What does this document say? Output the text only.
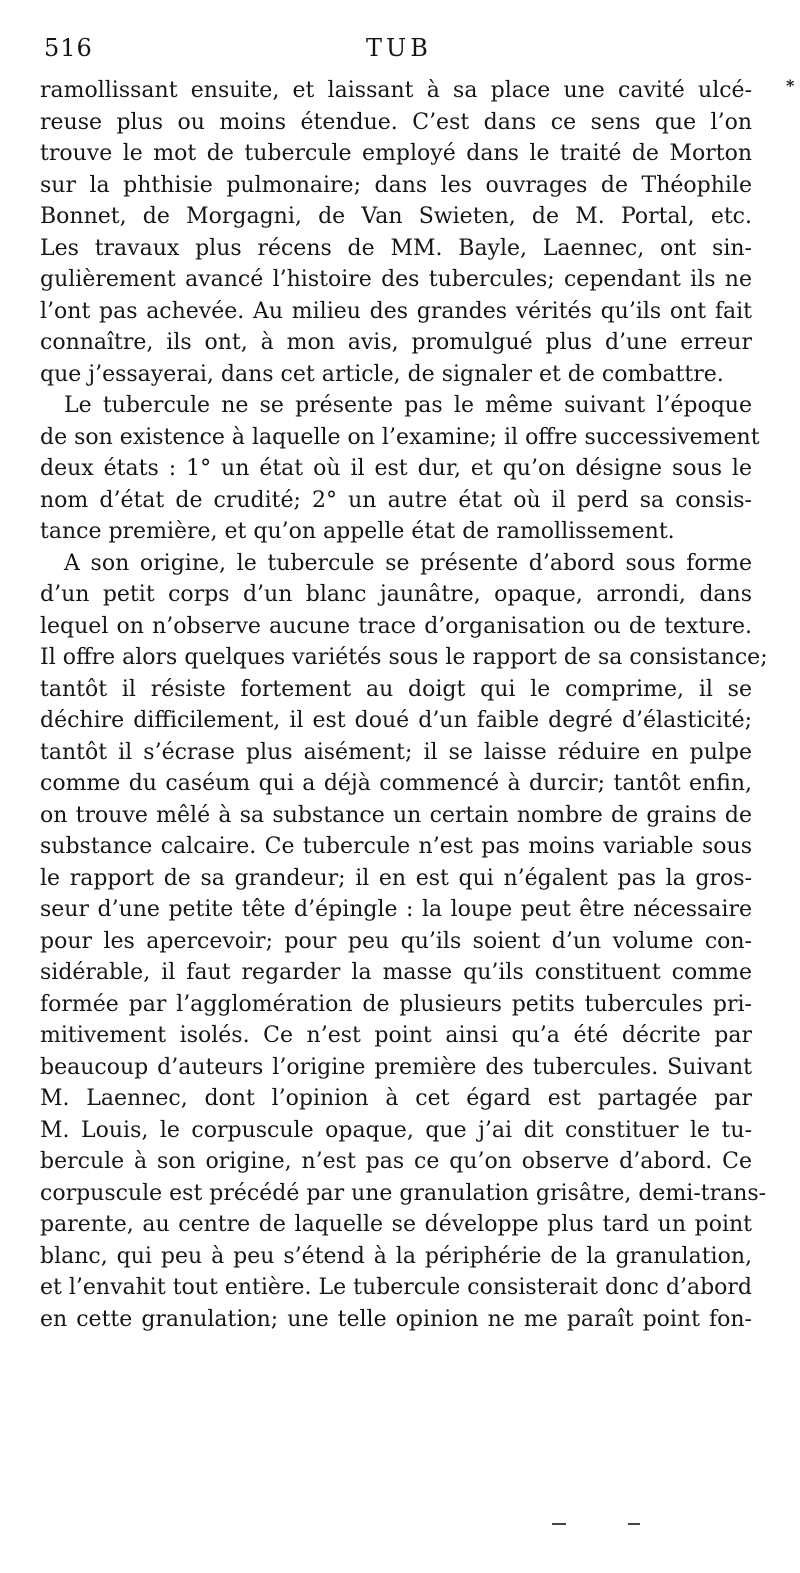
516	TUB
*
ramollissant ensuite, et laissant à sa place une cavité ulcé-
reuse plus ou moins étendue. C’est dans ce sens que l’on
trouve le mot de tubercule employé dans le traité de Morton
sur la phthisie pulmonaire; dans les ouvrages de Théophile
Bonnet, de Morgagni, de Van Swieten, de M. Portal, etc.
Les travaux plus récens de MM. Bayle, Laennec, ont sin-
gulièrement avancé l’histoire des tubercules; cependant ils ne
l’ont pas achevée. Au milieu des grandes vérités qu’ils ont fait
connaître, ils ont, à mon avis, promulgué plus d’une erreur
que j’essayerai, dans cet article, de signaler et de combattre.
Le tubercule ne se présente pas le même suivant l’époque
de son existence à laquelle on l’examine; il offre successivement
deux états : 1° un état où il est dur, et qu’on désigne sous le
nom d’état de crudité; 2° un autre état où il perd sa consis-
tance première, et qu’on appelle état de ramollissement.
A son origine, le tubercule se présente d’abord sous forme
d’un petit corps d’un blanc jaunâtre, opaque, arrondi, dans
lequel on n’observe aucune trace d’organisation ou de texture.
Il offre alors quelques variétés sous le rapport de sa consistance;
tantôt il résiste fortement au doigt qui le comprime, il se
déchire difficilement, il est doué d’un faible degré d’élasticité;
tantôt il s’écrase plus aisément; il se laisse réduire en pulpe
comme du caséum qui a déjà commencé à durcir; tantôt enfin,
on trouve mêlé à sa substance un certain nombre de grains de
substance calcaire. Ce tubercule n’est pas moins variable sous
le rapport de sa grandeur; il en est qui n’égalent pas la gros-
seur d’une petite tête d’épingle : la loupe peut être nécessaire
pour les apercevoir; pour peu qu’ils soient d’un volume con-
sidérable, il faut regarder la masse qu’ils constituent comme
formée par l’agglomération de plusieurs petits tubercules pri-
mitivement isolés. Ce n’est point ainsi qu’a été décrite par
beaucoup d’auteurs l’origine première des tubercules. Suivant
M. Laennec, dont l’opinion à cet égard est partagée par
M. Louis, le corpuscule opaque, que j’ai dit constituer le tu-
bercule à son origine, n’est pas ce qu’on observe d’abord. Ce
corpuscule est précédé par une granulation grisâtre, demi-trans-
parente, au centre de laquelle se développe plus tard un point
blanc, qui peu à peu s’étend à la périphérie de la granulation,
et l’envahit tout entière. Le tubercule consisterait donc d’abord
en cette granulation; une telle opinion ne me paraît point fon-
